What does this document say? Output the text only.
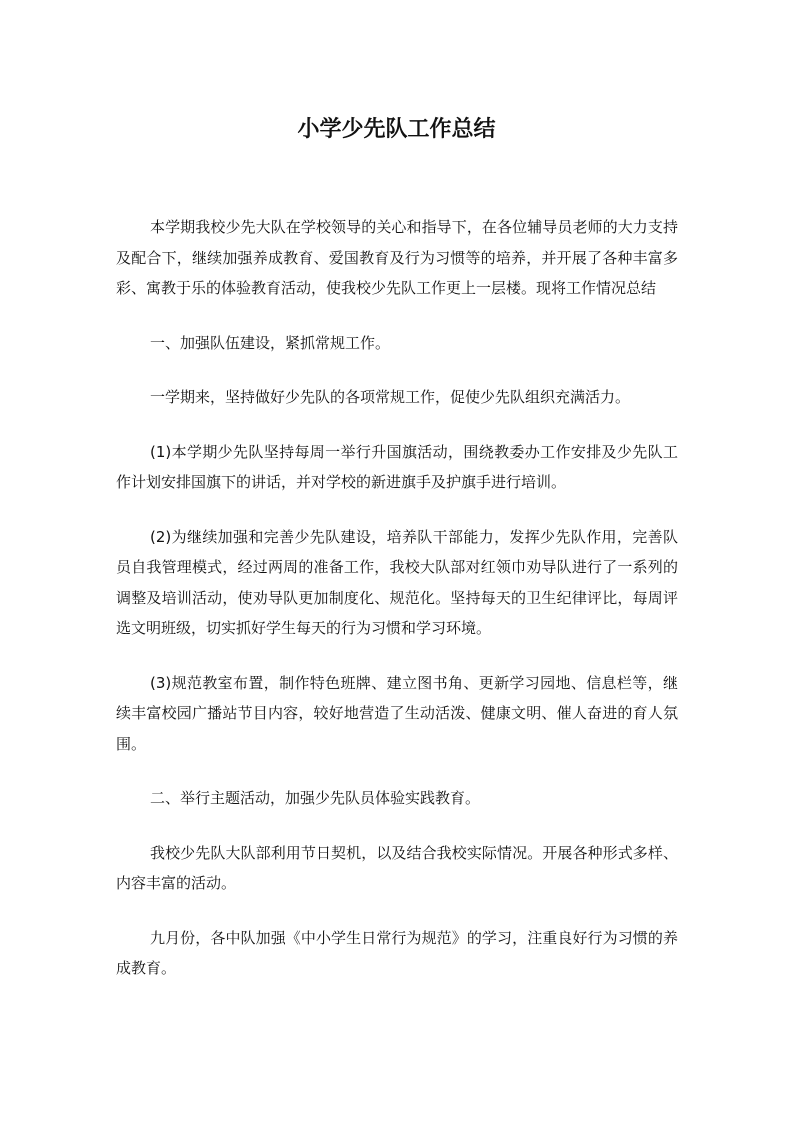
小学少先队工作总结

本学期我校少先大队在学校领导的关心和指导下，在各位辅导员老师的大力支持及配合下，继续加强养成教育、爱国教育及行为习惯等的培养，并开展了各种丰富多彩、寓教于乐的体验教育活动，使我校少先队工作更上一层楼。现将工作情况总结

一、加强队伍建设，紧抓常规工作。

一学期来，坚持做好少先队的各项常规工作，促使少先队组织充满活力。

(1)本学期少先队坚持每周一举行升国旗活动，围绕教委办工作安排及少先队工作计划安排国旗下的讲话，并对学校的新进旗手及护旗手进行培训。

(2)为继续加强和完善少先队建设，培养队干部能力，发挥少先队作用，完善队员自我管理模式，经过两周的准备工作，我校大队部对红领巾劝导队进行了一系列的调整及培训活动，使劝导队更加制度化、规范化。坚持每天的卫生纪律评比，每周评选文明班级，切实抓好学生每天的行为习惯和学习环境。

(3)规范教室布置，制作特色班牌、建立图书角、更新学习园地、信息栏等，继续丰富校园广播站节目内容，较好地营造了生动活泼、健康文明、催人奋进的育人氛围。

二、举行主题活动，加强少先队员体验实践教育。

我校少先队大队部利用节日契机，以及结合我校实际情况。开展各种形式多样、内容丰富的活动。

九月份，各中队加强《中小学生日常行为规范》的学习，注重良好行为习惯的养成教育。
